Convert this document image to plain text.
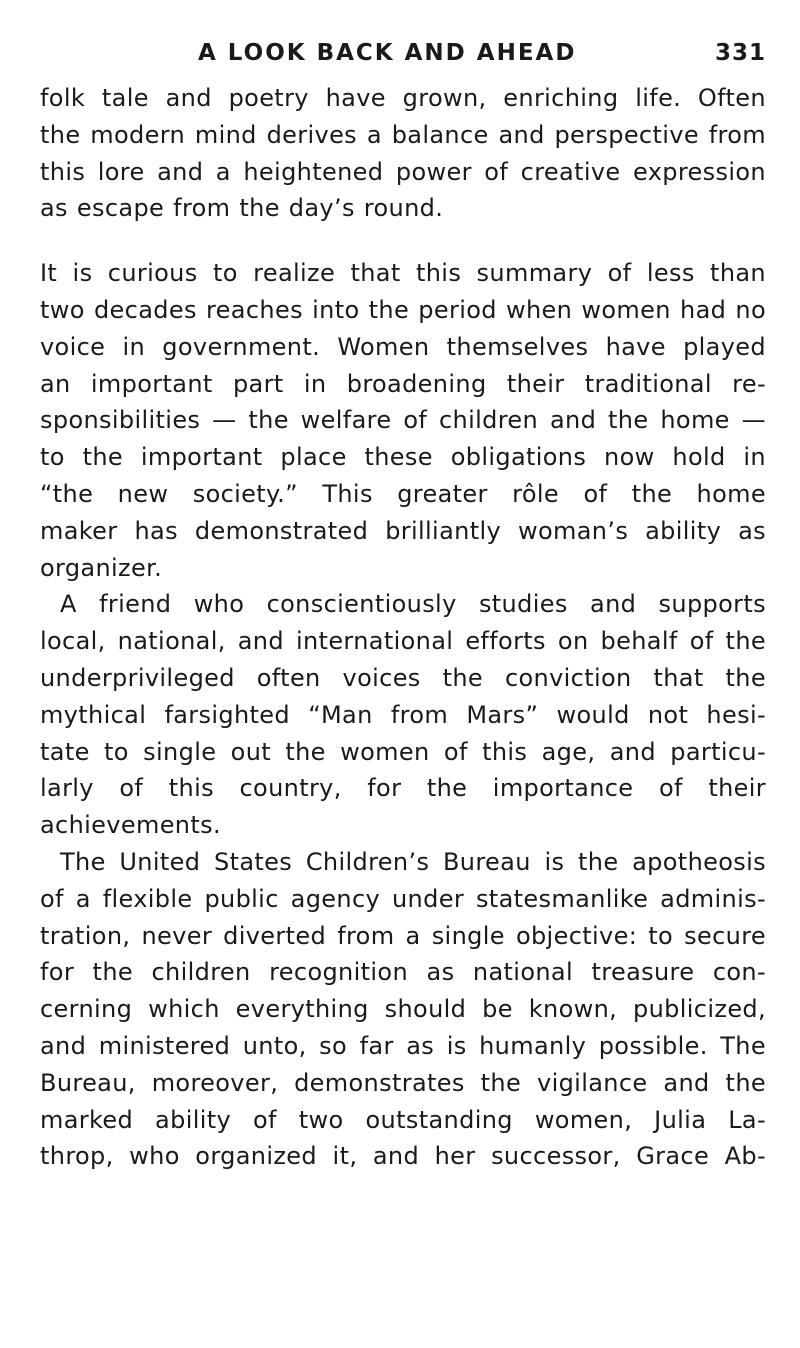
A LOOK BACK AND AHEAD	331
folk tale and poetry have grown, enriching life. Often
the modern mind derives a balance and perspective from
this lore and a heightened power of creative expression
as escape from the day’s round.
It is curious to realize that this summary of less than
two decades reaches into the period when women had no
voice in government. Women themselves have played
an important part in broadening their traditional re-
sponsibilities — the welfare of children and the home —
to the important place these obligations now hold in
“the new society.” This greater rôle of the home
maker has demonstrated brilliantly woman’s ability as
organizer.
A friend who conscientiously studies and supports
local, national, and international efforts on behalf of the
underprivileged often voices the conviction that the
mythical farsighted “Man from Mars” would not hesi-
tate to single out the women of this age, and particu-
larly of this country, for the importance of their
achievements.
The United States Children’s Bureau is the apotheosis
of a flexible public agency under statesmanlike adminis-
tration, never diverted from a single objective: to secure
for the children recognition as national treasure con-
cerning which everything should be known, publicized,
and ministered unto, so far as is humanly possible. The
Bureau, moreover, demonstrates the vigilance and the
marked ability of two outstanding women, Julia La-
throp, who organized it, and her successor, Grace Ab-
